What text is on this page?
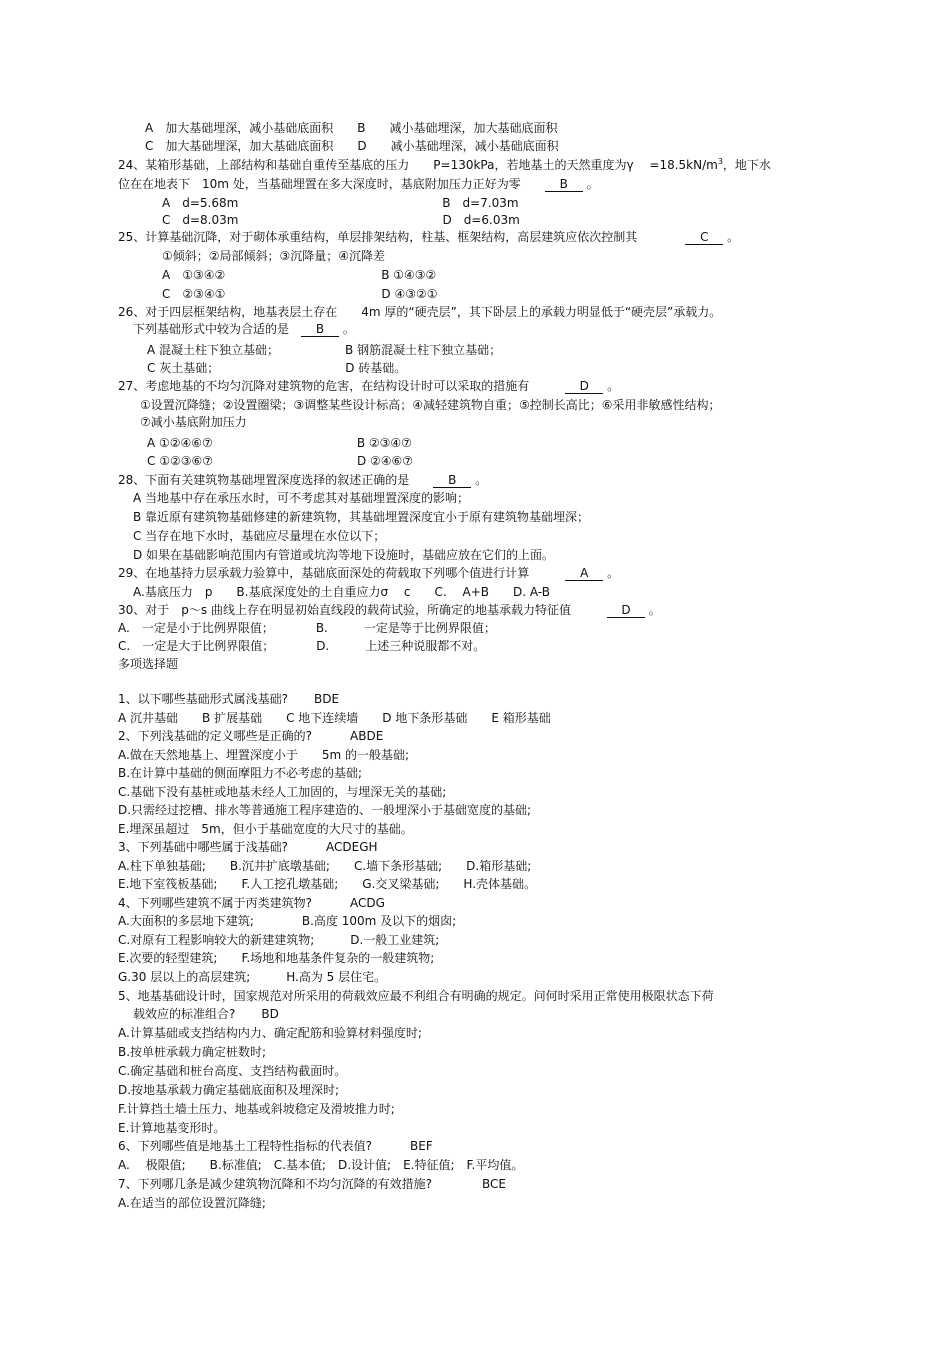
A　加大基础埋深，减小基础底面积　　B　　减小基础埋深，加大基础底面积
C　加大基础埋深，加大基础底面积　　D　　减小基础埋深，减小基础底面积
24、某箱形基础，上部结构和基础自重传至基底的压力　　P=130kPa，若地基土的天然重度为γ　 $=18.5kN/m^3$，地下水
位在在地表下　10m 处，当基础埋置在多大深度时，基底附加压力正好为零　　B 。
A　d=5.68m　　　　　　　　　　　　　　　　　B　d=7.03m
C　d=8.03m　　　　　　　　　　　　　　　　　D　d=6.03m
25、计算基础沉降，对于砌体承重结构，单层排架结构，柱基、框架结构，高层建筑应依次控制其　　　　C 。
①倾斜；②局部倾斜；③沉降量；④沉降差
A　①③④②　　　　　　　　　　　　　B ①④③②
C　②③④①　　　　　　　　　　　　　D ④③②①
26、对于四层框架结构，地基表层土存在　　4m 厚的“硬壳层”，其下卧层上的承载力明显低于“硬壳层”承载力。
下列基础形式中较为合适的是　B 。
A 混凝土柱下独立基础；　　　　　　B 钢筋混凝土柱下独立基础；
C 灰土基础；　　　　　　　　　　　D 砖基础。
27、考虑地基的不均匀沉降对建筑物的危害，在结构设计时可以采取的措施有　　　D 。
①设置沉降缝；②设置圈梁；③调整某些设计标高；④减轻建筑物自重；⑤控制长高比；⑥采用非敏感性结构；
⑦减小基底附加压力
A ①②④⑥⑦　　　　　　　　　　　　B ②③④⑦
C ①②③⑥⑦　　　　　　　　　　　　D ②④⑥⑦
28、下面有关建筑物基础埋置深度选择的叙述正确的是　　B 。
A 当地基中存在承压水时，可不考虑其对基础埋置深度的影响；
B 靠近原有建筑物基础修建的新建筑物，其基础埋置深度宜小于原有建筑物基础埋深；
C 当存在地下水时，基础应尽量埋在水位以下；
D 如果在基础影响范围内有管道或坑沟等地下设施时，基础应放在它们的上面。
29、在地基持力层承载力验算中，基础底面深处的荷载取下列哪个值进行计算　　　A 。
A.基底压力　p　　B.基底深度处的土自重应力σ　 c　　C.　 A+B　　D. A-B
30、对于　p～s 曲线上存在明显初始直线段的载荷试验，所确定的地基承载力特征值　　　D 。
A.　一定是小于比例界限值；　　　　B.　　　一定是等于比例界限值；
C.　一定是大于比例界限值；　　　　D.　　　上述三种说服都不对。
多项选择题
1、以下哪些基础形式属浅基础?　　BDE
A 沉井基础　　B 扩展基础　　C 地下连续墙　　D 地下条形基础　　E 箱形基础
2、下列浅基础的定义哪些是正确的?　　　ABDE
A.做在天然地基上、埋置深度小于　　5m 的一般基础;
B.在计算中基础的侧面摩阻力不必考虑的基础;
C.基础下没有基桩或地基未经人工加固的，与埋深无关的基础;
D.只需经过挖槽、排水等普通施工程序建造的、一般埋深小于基础宽度的基础;
E.埋深虽超过　5m，但小于基础宽度的大尺寸的基础。
3、下列基础中哪些属于浅基础?　　　ACDEGH
A.柱下单独基础;　　B.沉井扩底墩基础;　　C.墙下条形基础;　　D.箱形基础;
E.地下室筏板基础;　　F.人工挖孔墩基础;　　G.交叉梁基础;　　H.壳体基础。
4、下列哪些建筑不属于丙类建筑物?　　　ACDG
A.大面积的多层地下建筑;　　　　B.高度 100m 及以下的烟囱;
C.对原有工程影响较大的新建建筑物;　　　D.一般工业建筑;
E.次要的轻型建筑;　　F.场地和地基条件复杂的一般建筑物;
G.30 层以上的高层建筑;　　　H.高为 5 层住宅。
5、地基基础设计时，国家规范对所采用的荷载效应最不利组合有明确的规定。问何时采用正常使用极限状态下荷
载效应的标准组合?　　BD
A.计算基础或支挡结构内力、确定配筋和验算材料强度时;
B.按单桩承载力确定桩数时;
C.确定基础和桩台高度、支挡结构截面时。
D.按地基承载力确定基础底面积及埋深时;
F.计算挡土墙土压力、地基或斜坡稳定及滑坡推力时;
E.计算地基变形时。
6、下列哪些值是地基土工程特性指标的代表值?　　　BEF
A.　 极限值;　　B.标准值;　C.基本值;　D.设计值;　E.特征值;　F.平均值。
7、下列哪几条是减少建筑物沉降和不均匀沉降的有效措施?　　　　BCE
A.在适当的部位设置沉降缝;
